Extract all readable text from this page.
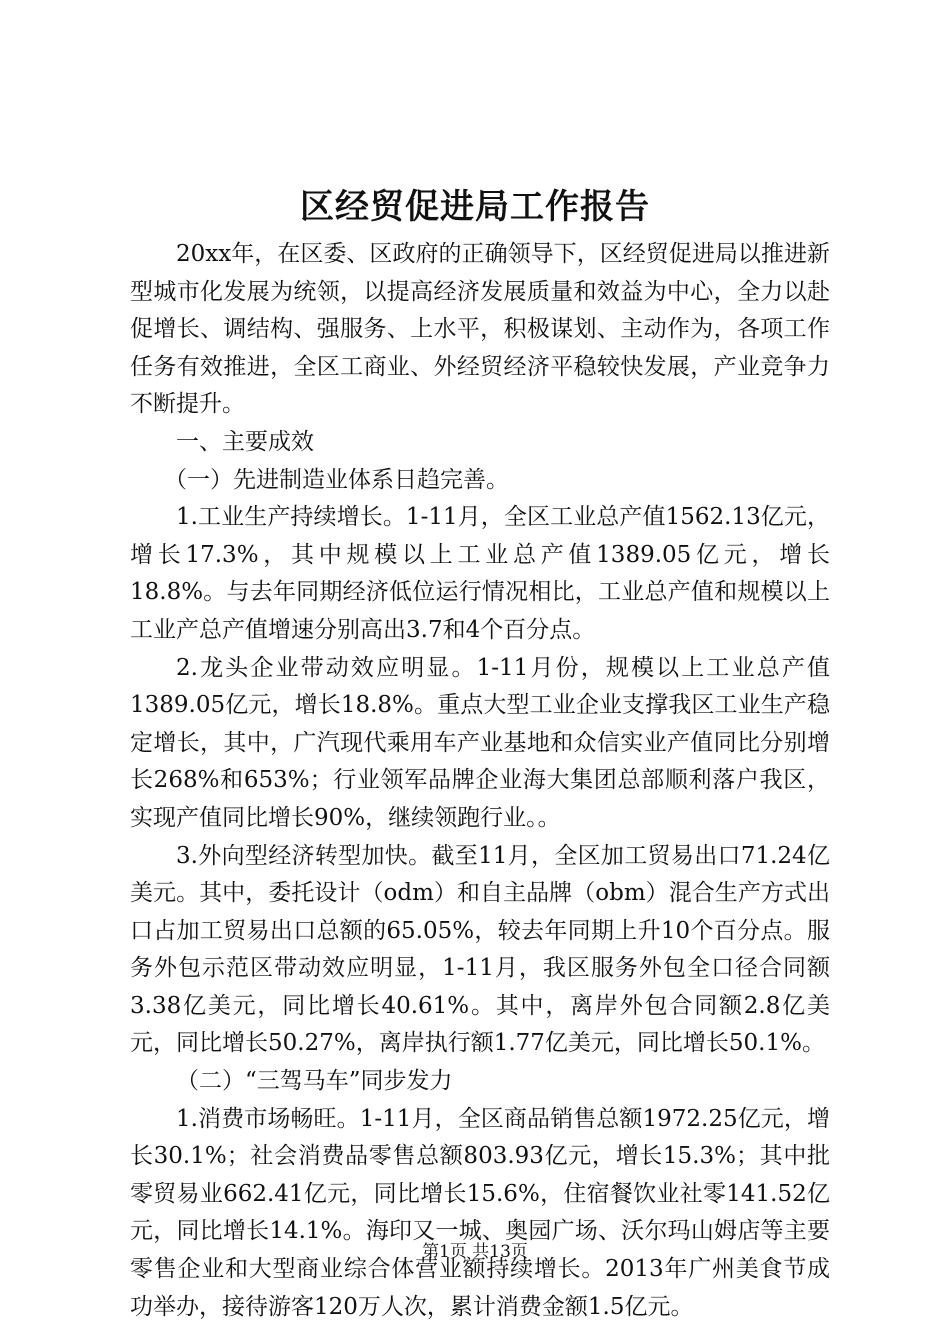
区经贸促进局工作报告

20xx年，在区委、区政府的正确领导下，区经贸促进局以推进新型城市化发展为统领，以提高经济发展质量和效益为中心，全力以赴促增长、调结构、强服务、上水平，积极谋划、主动作为，各项工作任务有效推进，全区工商业、外经贸经济平稳较快发展，产业竞争力不断提升。

一、主要成效

（一）先进制造业体系日趋完善。

1.工业生产持续增长。1-11月，全区工业总产值1562.13亿元，增长17.3%，其中规模以上工业总产值1389.05亿元，增长18.8%。与去年同期经济低位运行情况相比，工业总产值和规模以上工业产总产值增速分别高出3.7和4个百分点。

2.龙头企业带动效应明显。1-11月份，规模以上工业总产值1389.05亿元，增长18.8%。重点大型工业企业支撑我区工业生产稳定增长，其中，广汽现代乘用车产业基地和众信实业产值同比分别增长268%和653%；行业领军品牌企业海大集团总部顺利落户我区，实现产值同比增长90%，继续领跑行业。。

3.外向型经济转型加快。截至11月，全区加工贸易出口71.24亿美元。其中，委托设计（odm）和自主品牌（obm）混合生产方式出口占加工贸易出口总额的65.05%，较去年同期上升10个百分点。服务外包示范区带动效应明显，1-11月，我区服务外包全口径合同额3.38亿美元，同比增长40.61%。其中，离岸外包合同额2.8亿美元，同比增长50.27%，离岸执行额1.77亿美元，同比增长50.1%。

（二）“三驾马车”同步发力

1.消费市场畅旺。1-11月，全区商品销售总额1972.25亿元，增长30.1%；社会消费品零售总额803.93亿元，增长15.3%；其中批零贸易业662.41亿元，同比增长15.6%，住宿餐饮业社零141.52亿元，同比增长14.1%。海印又一城、奥园广场、沃尔玛山姆店等主要零售企业和大型商业综合体营业额持续增长。2013年广州美食节成功举办，接待游客120万人次，累计消费金额1.5亿元。

第1页 共13页
